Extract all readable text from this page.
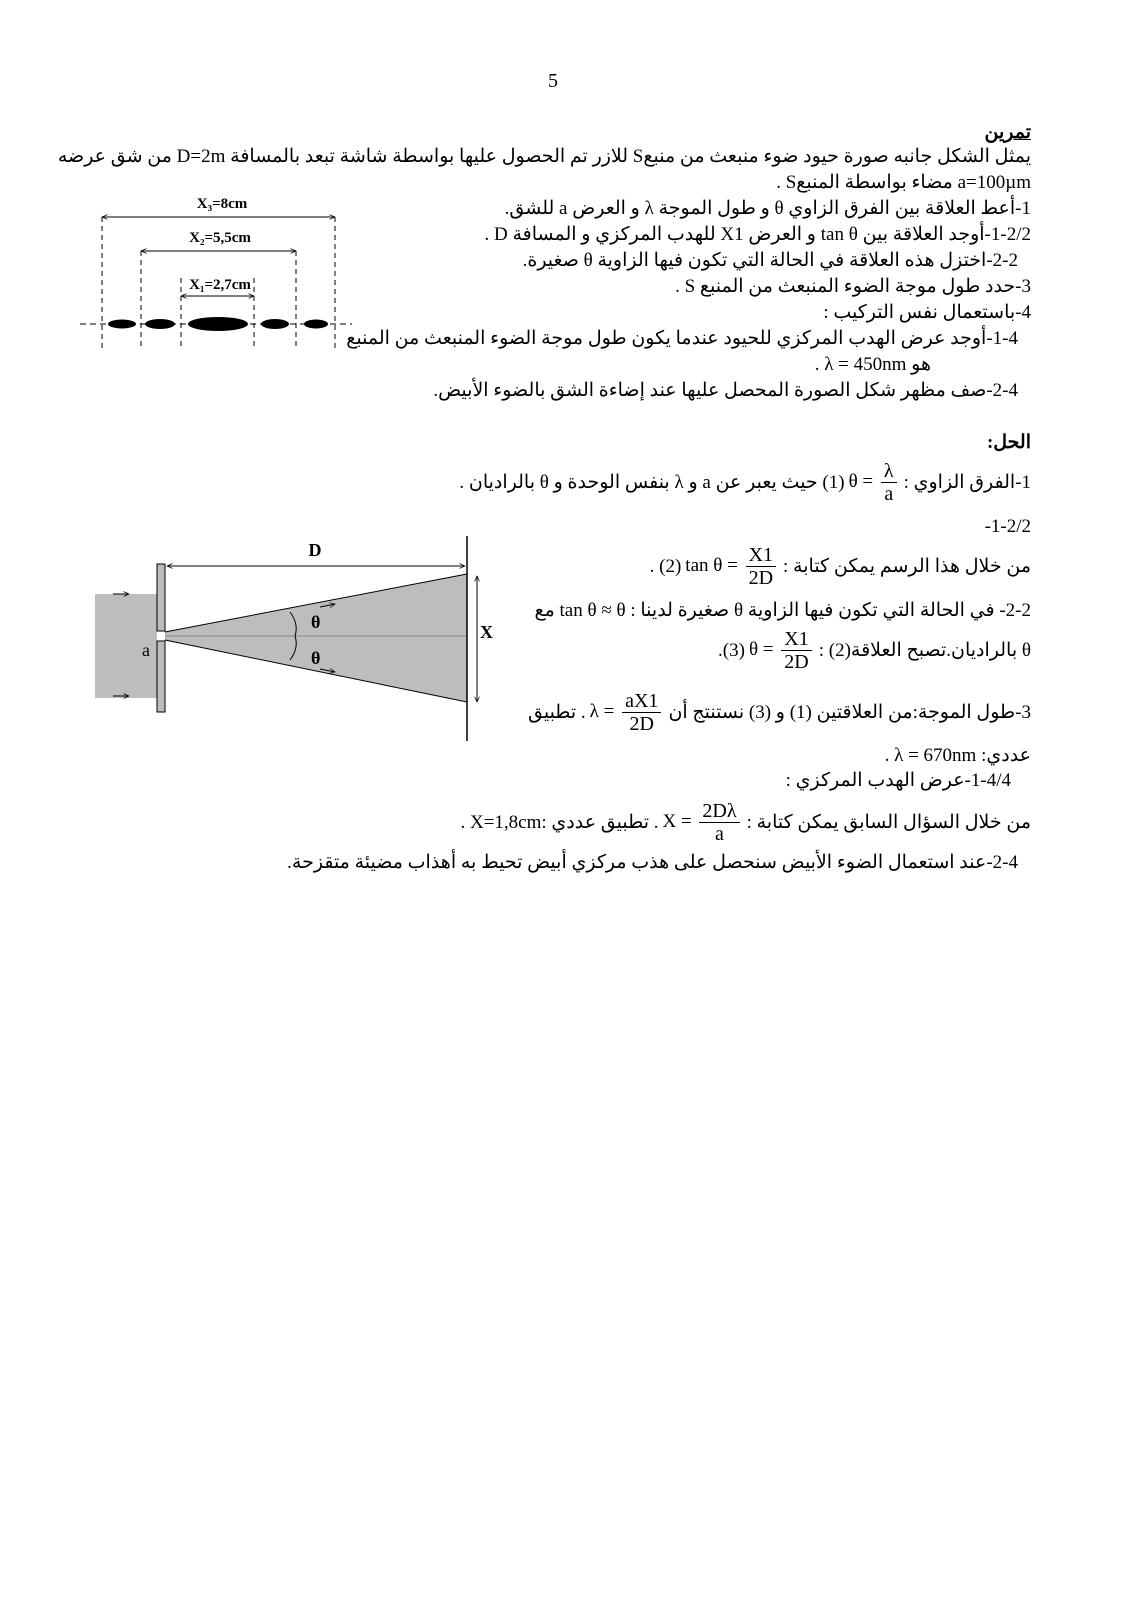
5
تمرين
يمثل الشكل جانبه صورة حيود ضوء منبعث من منبعS للازر تم الحصول عليها بواسطة شاشة تبعد بالمسافة D=2m من شق عرضه
a=100µm مضاء بواسطة المنبعS .
1-أعط العلاقة بين الفرق الزاوي θ و طول الموجة λ و العرض a للشق.
1-2/2-أوجد العلاقة بين tan θ و العرض X1 للهدب المركزي و المسافة D .
2-2-اختزل هذه العلاقة في الحالة التي تكون فيها الزاوية θ صغيرة.
3-حدد طول موجة الضوء المنبعث من المنبع S .
4-باستعمال نفس التركيب :
1-4-أوجد عرض الهدب المركزي للحيود عندما يكون طول موجة الضوء المنبعث من المنبع
هو λ = 450nm .
2-4-صف مظهر شكل الصورة المحصل عليها عند إضاءة الشق بالضوء الأبيض.
X₃=8cm
X₂=5,5cm
X₁=2,7cm
الحل:
1-الفرق الزاوي :
$\theta = \frac{\lambda}{a}$
(1) حيث يعبر عن a و λ بنفس الوحدة و θ بالراديان .
1-2/2-
من خلال هذا الرسم يمكن كتابة :
$\tan \theta = \frac{X1}{2D}$
(2) .
2-2- في الحالة التي تكون فيها الزاوية θ صغيرة لدينا : tan θ ≈ θ مع
θ بالراديان.تصبح العلاقة(2) :
$\theta = \frac{X1}{2D}$
(3).
3-طول الموجة:من العلاقتين (1) و (3) نستنتج أن
$\lambda = \frac{aX1}{2D}$
. تطبيق
عددي: λ = 670nm .
1-4/4-عرض الهدب المركزي :
من خلال السؤال السابق يمكن كتابة :
$X = \frac{2D\lambda}{a}$
. تطبيق عددي :X=1,8cm .
2-4-عند استعمال الضوء الأبيض سنحصل على هذب مركزي أبيض تحيط به أهذاب مضيئة متقزحة.
a
θ
θ
D
X
